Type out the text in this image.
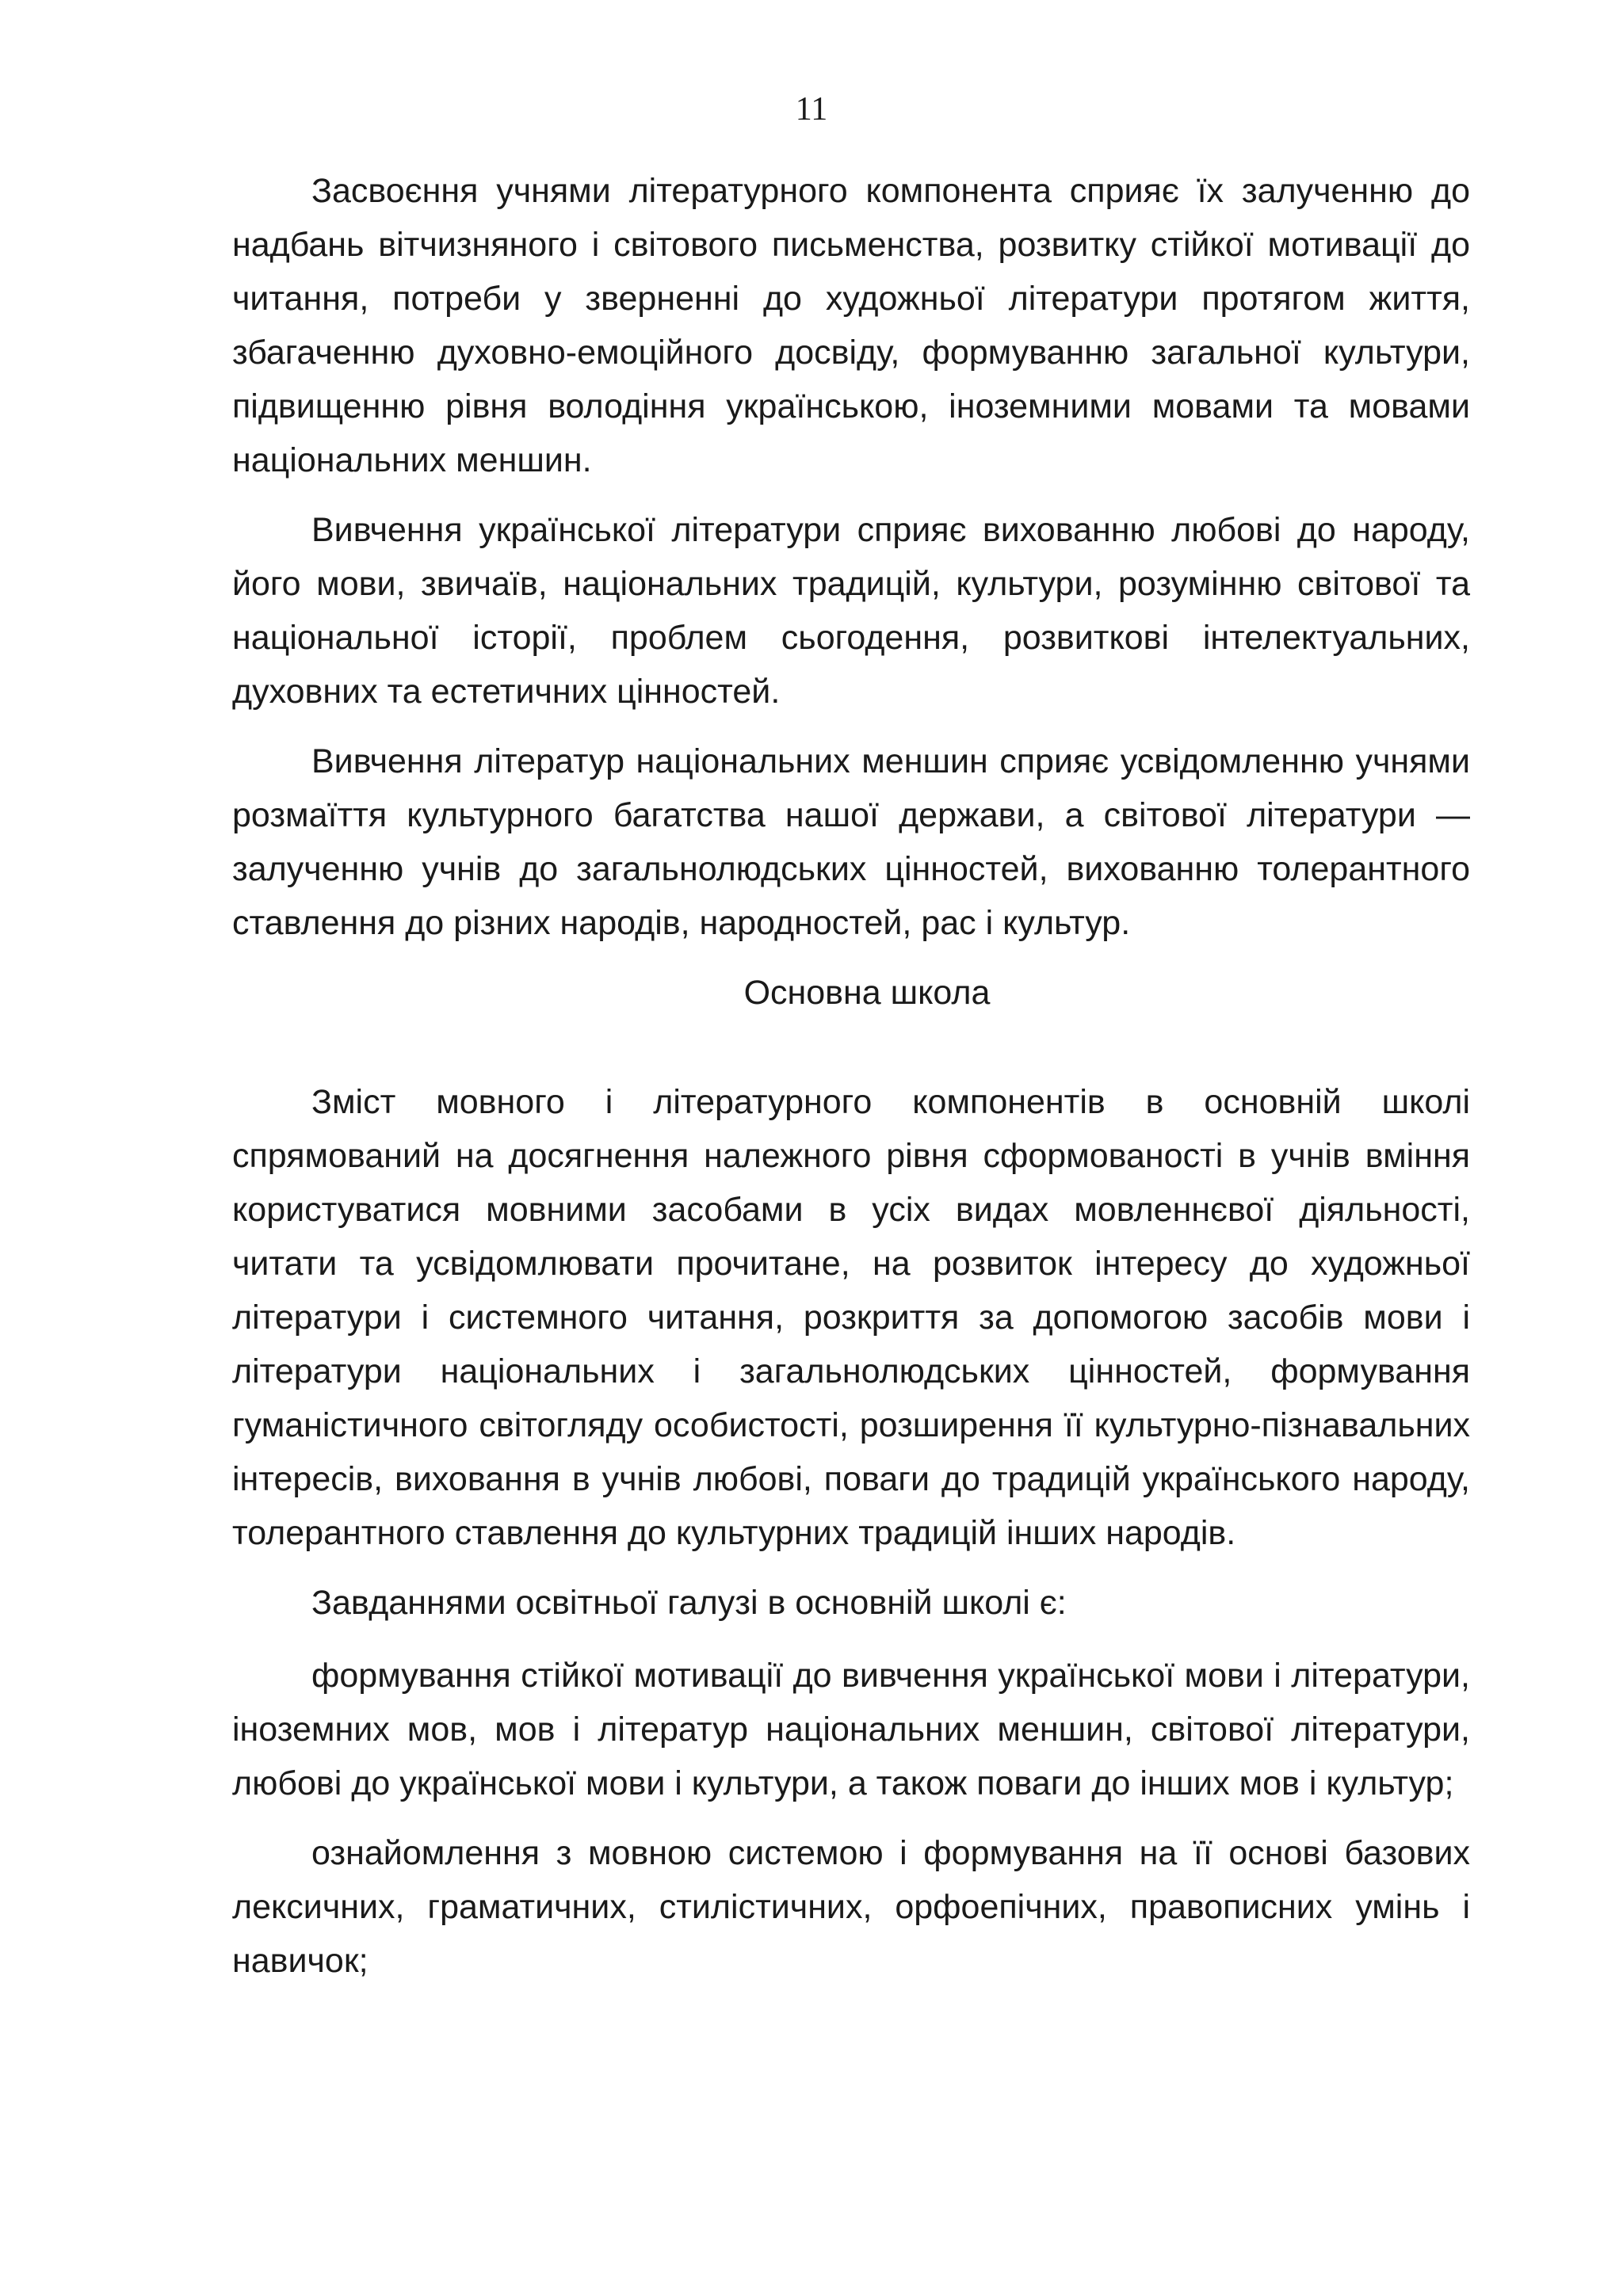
11

Засвоєння учнями літературного компонента сприяє їх залученню до надбань вітчизняного і світового письменства, розвитку стійкої мотивації до читання, потреби у зверненні до художньої літератури протягом життя, збагаченню духовно-емоційного досвіду, формуванню загальної культури, підвищенню рівня володіння українською, іноземними мовами та мовами національних меншин.

Вивчення української літератури сприяє вихованню любові до народу, його мови, звичаїв, національних традицій, культури, розумінню світової та національної історії, проблем сьогодення, розвиткові інтелектуальних, духовних та естетичних цінностей.

Вивчення літератур національних меншин сприяє усвідомленню учнями розмаїття культурного багатства нашої держави, а світової літератури — залученню учнів до загальнолюдських цінностей, вихованню толерантного ставлення до різних народів, народностей, рас і культур.

Основна школа

Зміст мовного і літературного компонентів в основній школі спрямований на досягнення належного рівня сформованості в учнів вміння користуватися мовними засобами в усіх видах мовленнєвої діяльності, читати та усвідомлювати прочитане, на розвиток інтересу до художньої літератури і системного читання, розкриття за допомогою засобів мови і літератури національних і загальнолюдських цінностей, формування гуманістичного світогляду особистості, розширення її культурно-пізнавальних інтересів, виховання в учнів любові, поваги до традицій українського народу, толерантного ставлення до культурних традицій інших народів.

Завданнями освітньої галузі в основній школі є:

формування стійкої мотивації до вивчення української мови і літератури, іноземних мов, мов і літератур національних меншин, світової літератури, любові до української мови і культури, а також поваги до інших мов і культур;

ознайомлення з мовною системою і формування на її основі базових лексичних, граматичних, стилістичних, орфоепічних, правописних умінь і навичок;
